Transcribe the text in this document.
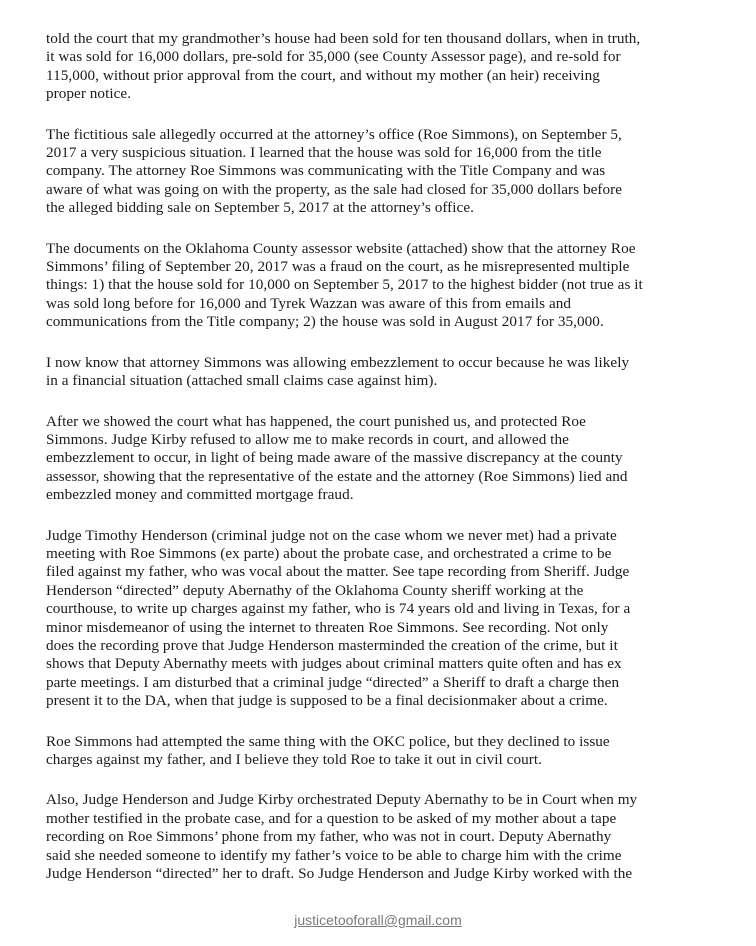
told the court that my grandmother’s house had been sold for ten thousand dollars, when in truth,
it was sold for 16,000 dollars, pre-sold for 35,000 (see County Assessor page), and re-sold for
115,000, without prior approval from the court, and without my mother (an heir) receiving
proper notice.

The fictitious sale allegedly occurred at the attorney’s office (Roe Simmons), on September 5,
2017 a very suspicious situation. I learned that the house was sold for 16,000 from the title
company. The attorney Roe Simmons was communicating with the Title Company and was
aware of what was going on with the property, as the sale had closed for 35,000 dollars before
the alleged bidding sale on September 5, 2017 at the attorney’s office.

The documents on the Oklahoma County assessor website (attached) show that the attorney Roe
Simmons’ filing of September 20, 2017 was a fraud on the court, as he misrepresented multiple
things: 1) that the house sold for 10,000 on September 5, 2017 to the highest bidder (not true as it
was sold long before for 16,000 and Tyrek Wazzan was aware of this from emails and
communications from the Title company; 2) the house was sold in August 2017 for 35,000.

I now know that attorney Simmons was allowing embezzlement to occur because he was likely
in a financial situation (attached small claims case against him).

After we showed the court what has happened, the court punished us, and protected Roe
Simmons. Judge Kirby refused to allow me to make records in court, and allowed the
embezzlement to occur, in light of being made aware of the massive discrepancy at the county
assessor, showing that the representative of the estate and the attorney (Roe Simmons) lied and
embezzled money and committed mortgage fraud.

Judge Timothy Henderson (criminal judge not on the case whom we never met) had a private
meeting with Roe Simmons (ex parte) about the probate case, and orchestrated a crime to be
filed against my father, who was vocal about the matter. See tape recording from Sheriff. Judge
Henderson “directed” deputy Abernathy of the Oklahoma County sheriff working at the
courthouse, to write up charges against my father, who is 74 years old and living in Texas, for a
minor misdemeanor of using the internet to threaten Roe Simmons. See recording. Not only
does the recording prove that Judge Henderson masterminded the creation of the crime, but it
shows that Deputy Abernathy meets with judges about criminal matters quite often and has ex
parte meetings. I am disturbed that a criminal judge “directed” a Sheriff to draft a charge then
present it to the DA, when that judge is supposed to be a final decisionmaker about a crime.

Roe Simmons had attempted the same thing with the OKC police, but they declined to issue
charges against my father, and I believe they told Roe to take it out in civil court.

Also, Judge Henderson and Judge Kirby orchestrated Deputy Abernathy to be in Court when my
mother testified in the probate case, and for a question to be asked of my mother about a tape
recording on Roe Simmons’ phone from my father, who was not in court. Deputy Abernathy
said she needed someone to identify my father’s voice to be able to charge him with the crime
Judge Henderson “directed” her to draft. So Judge Henderson and Judge Kirby worked with the

justicetooforall@gmail.com
